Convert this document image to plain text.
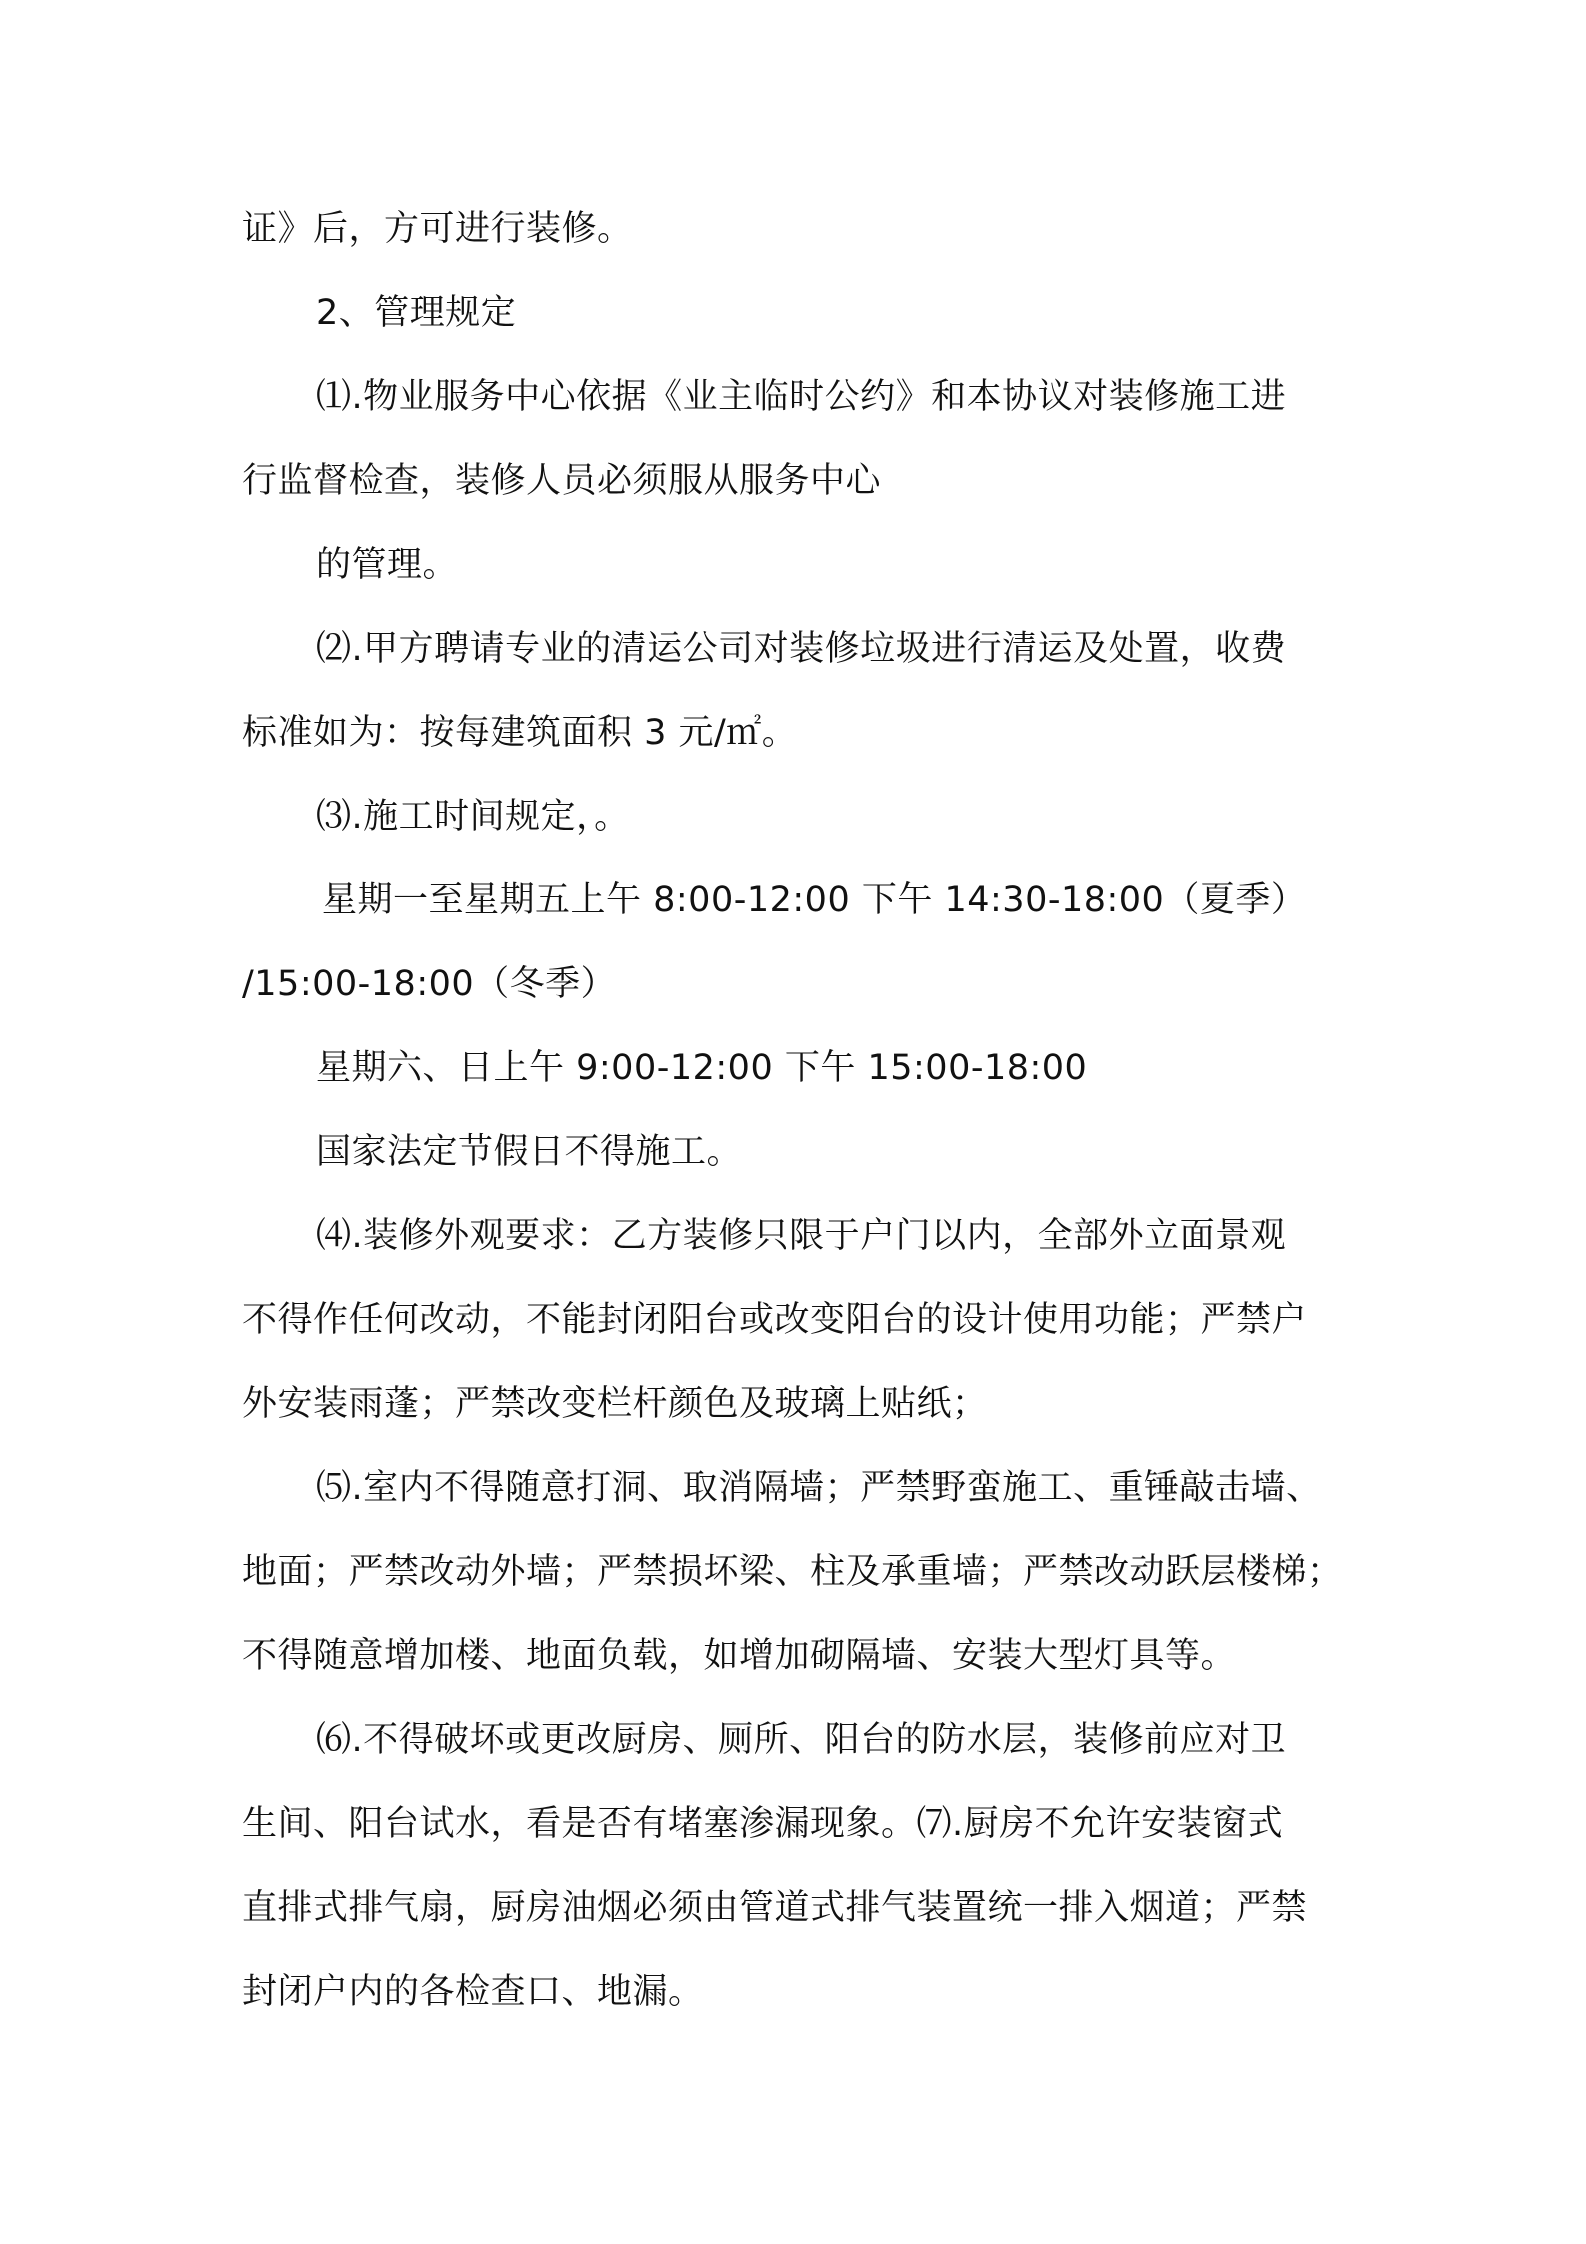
证》后，方可进行装修。
2、管理规定
⑴.物业服务中心依据《业主临时公约》和本协议对装修施工进
行监督检查，装修人员必须服从服务中心
的管理。
⑵.甲方聘请专业的清运公司对装修垃圾进行清运及处置，收费
标准如为：按每建筑面积 3 元/㎡。
⑶.施工时间规定，。
星期一至星期五上午 8:00-12:00 下午 14:30-18:00（夏季）
/15:00-18:00（冬季）
星期六、日上午 9:00-12:00 下午 15:00-18:00
国家法定节假日不得施工。
⑷.装修外观要求：乙方装修只限于户门以内，全部外立面景观
不得作任何改动，不能封闭阳台或改变阳台的设计使用功能；严禁户
外安装雨蓬；严禁改变栏杆颜色及玻璃上贴纸；
⑸.室内不得随意打洞、取消隔墙；严禁野蛮施工、重锤敲击墙、
地面；严禁改动外墙；严禁损坏梁、柱及承重墙；严禁改动跃层楼梯；
不得随意增加楼、地面负载，如增加砌隔墙、安装大型灯具等。
⑹.不得破坏或更改厨房、厕所、阳台的防水层，装修前应对卫
生间、阳台试水，看是否有堵塞渗漏现象。⑺.厨房不允许安装窗式
直排式排气扇，厨房油烟必须由管道式排气装置统一排入烟道；严禁
封闭户内的各检查口、地漏。
